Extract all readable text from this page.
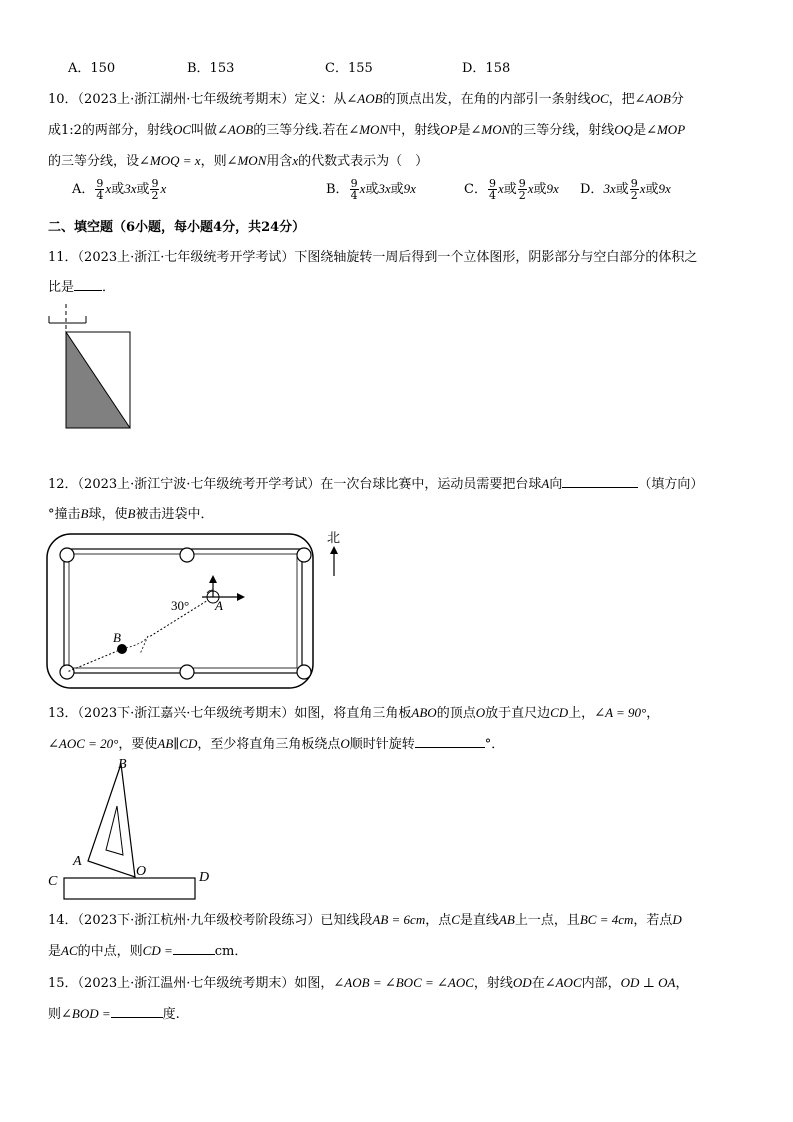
A．150	B．153	C．155	D．158
10．（2023上·浙江湖州·七年级统考期末）定义：从∠AOB的顶点出发，在角的内部引一条射线OC，把∠AOB分
成1:2的两部分，射线OC叫做∠AOB的三等分线.若在∠MON中，射线OP是∠MON的三等分线，射线OQ是∠MOP
的三等分线，设∠MOQ = x，则∠MON用含x的代数式表示为（　）
A． $\frac{9}{4}$ x或3x或 $\frac{9}{2}$ x	B． $\frac{9}{4}$ x或3x或9x	C． $\frac{9}{4}$ x或 $\frac{9}{2}$ x或9x D．3x或 $\frac{9}{2}$ x或9x
二、填空题（6小题，每小题4分，共24分）
11．（2023上·浙江·七年级统考开学考试）下图绕轴旋转一周后得到一个立体图形，阴影部分与空白部分的体积之
比是 ．
12．（2023上·浙江宁波·七年级统考开学考试）在一次台球比赛中，运动员需要把台球A向	（填方向）
°撞击B球，使B被击进袋中．
B
30° A
北
13．（2023下·浙江嘉兴·七年级统考期末）如图，将直角三角板ABO的顶点O放于直尺边CD上，∠A = 90°，
∠AOC = 20°，要使AB∥CD，至少将直角三角板绕点O顺时针旋转	°．
B
A
O
C	D
14．（2023下·浙江杭州·九年级校考阶段练习）已知线段AB = 6cm，点C是直线AB上一点，且BC = 4cm，若点D
是AC的中点，则CD =	cm．
15．（2023上·浙江温州·七年级统考期末）如图，∠AOB = ∠BOC = ∠AOC，射线OD在∠AOC内部，OD ⊥ OA，
则∠BOD =	度.
